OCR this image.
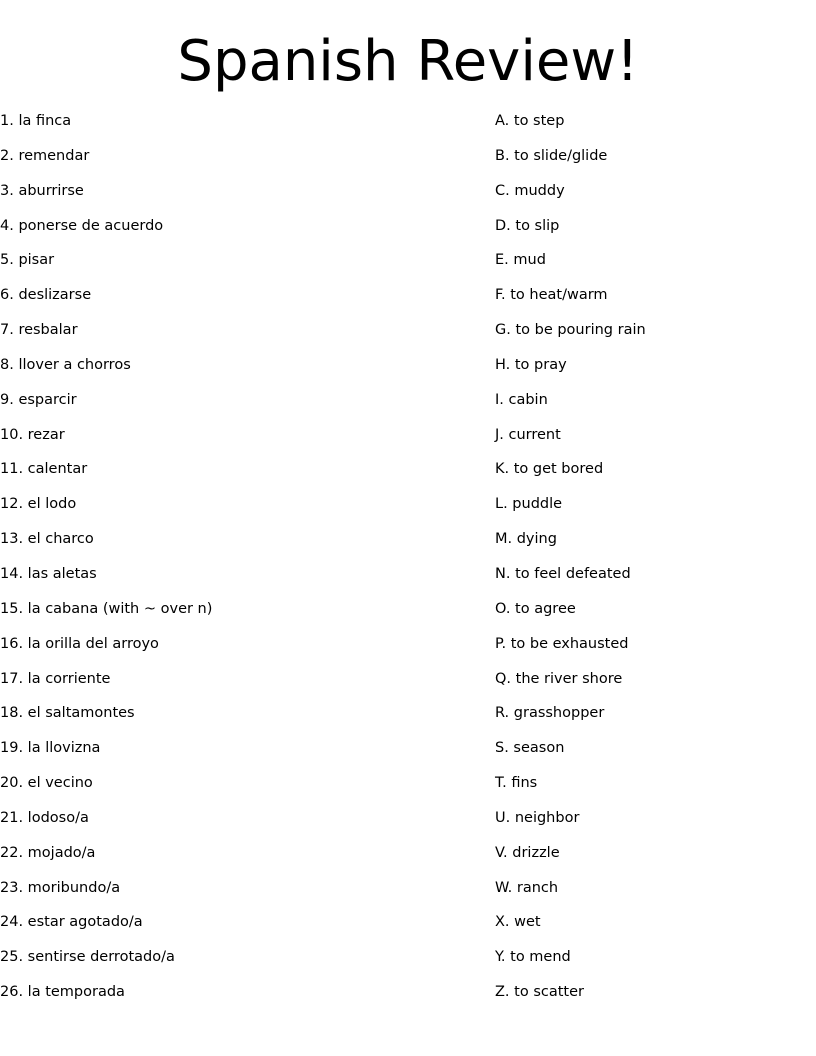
Spanish Review!
1. la finca
2. remendar
3. aburrirse
4. ponerse de acuerdo
5. pisar
6. deslizarse
7. resbalar
8. llover a chorros
9. esparcir
10. rezar
11. calentar
12. el lodo
13. el charco
14. las aletas
15. la cabana (with ~ over n)
16. la orilla del arroyo
17. la corriente
18. el saltamontes
19. la llovizna
20. el vecino
21. lodoso/a
22. mojado/a
23. moribundo/a
24. estar agotado/a
25. sentirse derrotado/a
26. la temporada
A. to step
B. to slide/glide
C. muddy
D. to slip
E. mud
F. to heat/warm
G. to be pouring rain
H. to pray
I. cabin
J. current
K. to get bored
L. puddle
M. dying
N. to feel defeated
O. to agree
P. to be exhausted
Q. the river shore
R. grasshopper
S. season
T. fins
U. neighbor
V. drizzle
W. ranch
X. wet
Y. to mend
Z. to scatter
